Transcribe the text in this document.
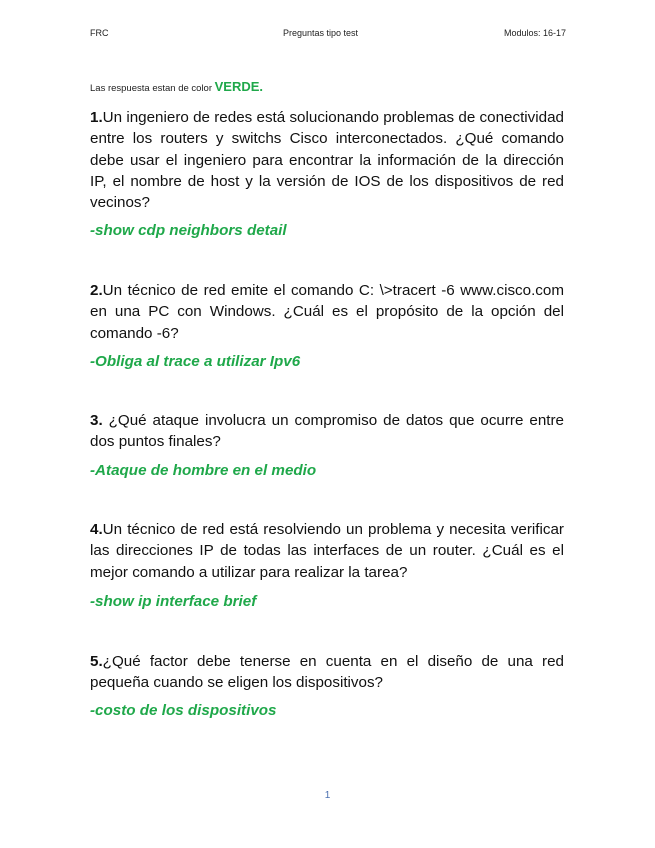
FRC	Preguntas tipo test	Modulos: 16-17
Las respuesta estan de color VERDE.
1.Un ingeniero de redes está solucionando problemas de conectividad entre los routers y switchs Cisco interconectados. ¿Qué comando debe usar el ingeniero para encontrar la información de la dirección IP, el nombre de host y la versión de IOS de los dispositivos de red vecinos?
-show cdp neighbors detail
2.Un técnico de red emite el comando C: \>tracert -6 www.cisco.com en una PC con Windows. ¿Cuál es el propósito de la opción del comando -6?
-Obliga al trace a utilizar Ipv6
3. ¿Qué ataque involucra un compromiso de datos que ocurre entre dos puntos finales?
-Ataque de hombre en el medio
4.Un técnico de red está resolviendo un problema y necesita verificar las direcciones IP de todas las interfaces de un router. ¿Cuál es el mejor comando a utilizar para realizar la tarea?
-show ip interface brief
5.¿Qué factor debe tenerse en cuenta en el diseño de una red pequeña cuando se eligen los dispositivos?
-costo de los dispositivos
1
